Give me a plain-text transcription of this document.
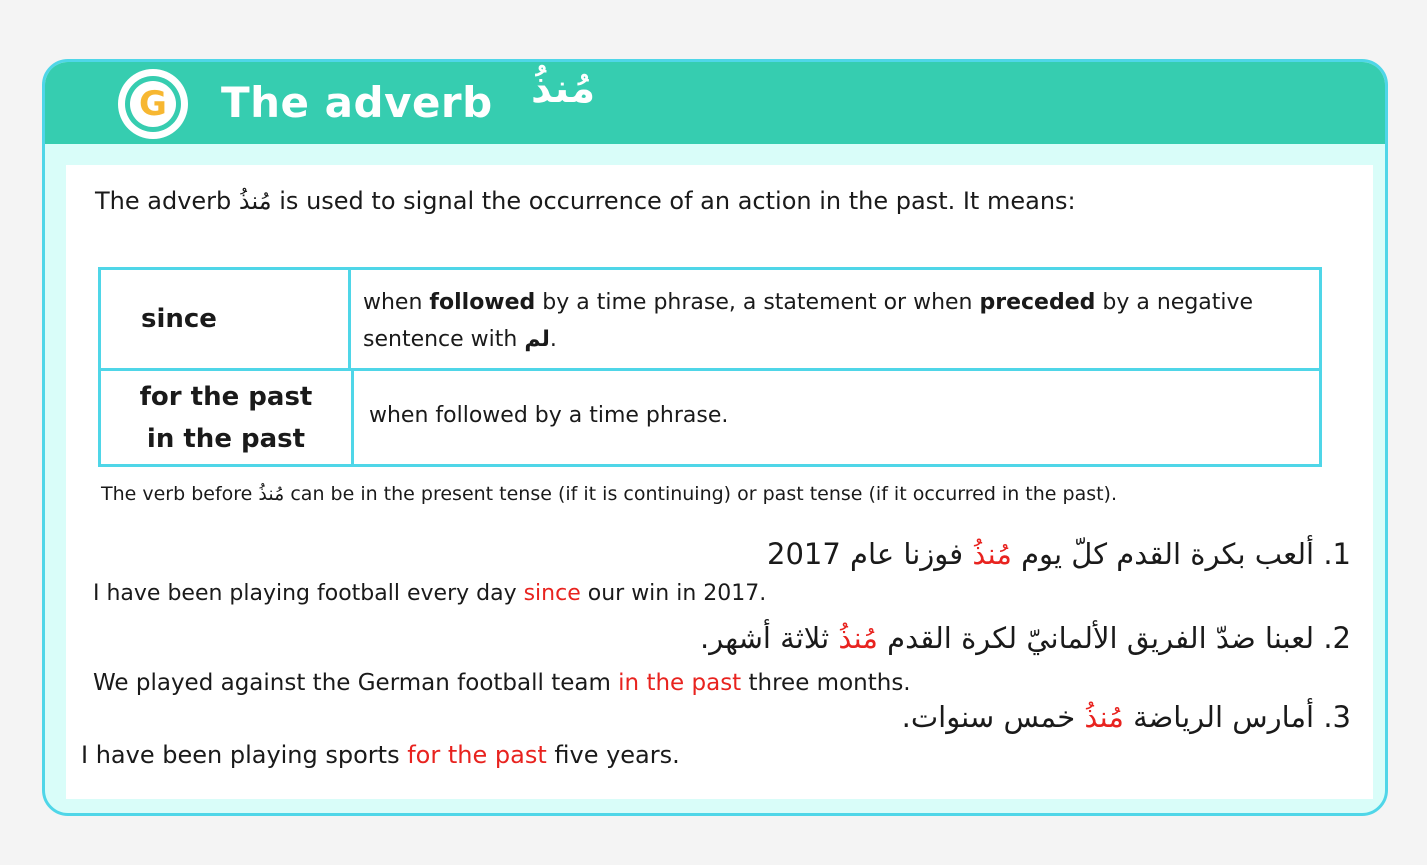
G The adverb مُنذُ
The adverb مُنذُ is used to signal the occurrence of an action in the past. It means:
since
when followed by a time phrase, a statement or when preceded by a negative sentence with لم.
for the past
in the past
when followed by a time phrase.
The verb before مُنذُ can be in the present tense (if it is continuing) or past tense (if it occurred in the past).
1. ألعب بكرة القدم كلّ يوم مُنذُ فوزنا عام 2017
I have been playing football every day since our win in 2017.
2. لعبنا ضدّ الفريق الألمانيّ لكرة القدم مُنذُ ثلاثة أشهر.
We played against the German football team in the past three months.
3. أمارس الرياضة مُنذُ خمس سنوات.
I have been playing sports for the past five years.
